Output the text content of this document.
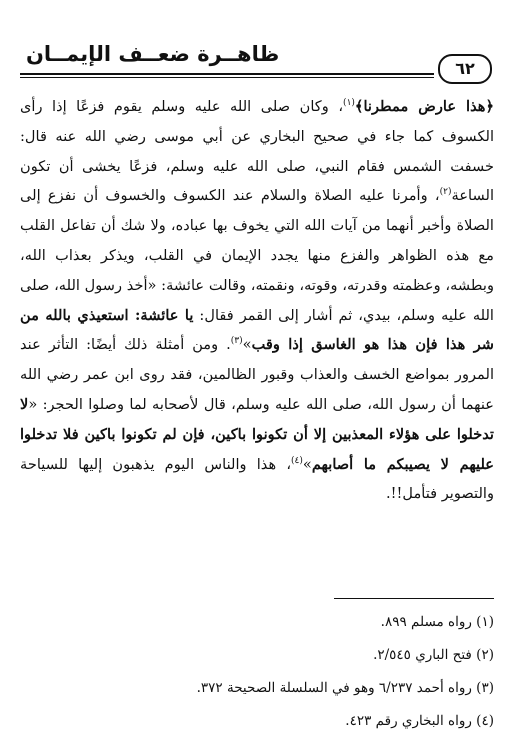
ظاهــرة ضعــف الإيمــان
٦٢

﴿هذا عارض ممطرنا﴾$^{(١)}$، وكان صلى الله عليه وسلم يقوم فزعًا إذا رأى الكسوف كما جاء في صحيح البخاري عن أبي موسى رضي الله عنه قال: خسفت الشمس فقام النبي، صلى الله عليه وسلم، فزعًا يخشى أن تكون الساعة$^{(٢)}$، وأمرنا عليه الصلاة والسلام عند الكسوف والخسوف أن نفزع إلى الصلاة وأخبر أنهما من آيات الله التي يخوف بها عباده، ولا شك أن تفاعل القلب مع هذه الظواهر والفزع منها يجدد الإيمان في القلب، ويذكر بعذاب الله، وبطشه، وعظمته وقدرته، وقوته، ونقمته، وقالت عائشة: «أخذ رسول الله، صلى الله عليه وسلم، بيدي، ثم أشار إلى القمر فقال: يا عائشة: استعيذي بالله من شر هذا فإن هذا هو الغاسق إذا وقب»$^{(٣)}$. ومن أمثلة ذلك أيضًا: التأثر عند المرور بمواضع الخسف والعذاب وقبور الظالمين، فقد روى ابن عمر رضي الله عنهما أن رسول الله، صلى الله عليه وسلم، قال لأصحابه لما وصلوا الحجر: «لا تدخلوا على هؤلاء المعذبين إلا أن تكونوا باكين، فإن لم تكونوا باكين فلا تدخلوا عليهم لا يصيبكم ما أصابهم»$^{(٤)}$، هذا والناس اليوم يذهبون إليها للسياحة والتصوير فتأمل!!.

(١) رواه مسلم ٨٩٩.
(٢) فتح الباري ٢/٥٤٥.
(٣) رواه أحمد ٦/٢٣٧ وهو في السلسلة الصحيحة ٣٧٢.
(٤) رواه البخاري رقم ٤٢٣.
